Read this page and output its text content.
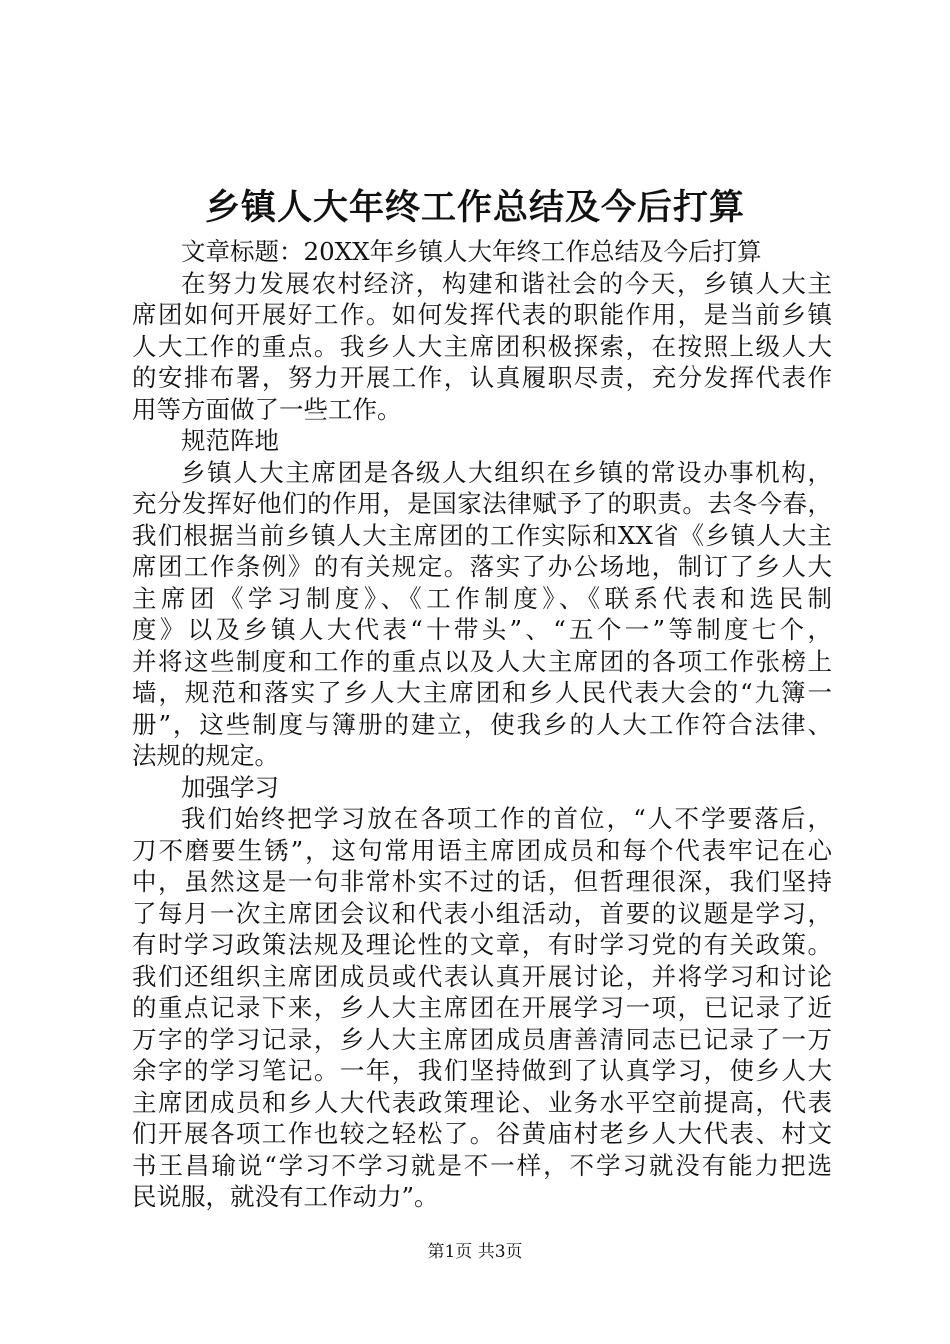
乡镇人大年终工作总结及今后打算
文章标题：20XX年乡镇人大年终工作总结及今后打算
在努力发展农村经济，构建和谐社会的今天，乡镇人大主
席团如何开展好工作。如何发挥代表的职能作用，是当前乡镇
人大工作的重点。我乡人大主席团积极探索，在按照上级人大
的安排布署，努力开展工作，认真履职尽责，充分发挥代表作
用等方面做了一些工作。
规范阵地
乡镇人大主席团是各级人大组织在乡镇的常设办事机构，
充分发挥好他们的作用，是国家法律赋予了的职责。去冬今春，
我们根据当前乡镇人大主席团的工作实际和XX省《乡镇人大主
席团工作条例》的有关规定。落实了办公场地，制订了乡人大
主席团《学习制度》、《工作制度》、《联系代表和选民制
度》以及乡镇人大代表“十带头”、“五个一”等制度七个，
并将这些制度和工作的重点以及人大主席团的各项工作张榜上
墙，规范和落实了乡人大主席团和乡人民代表大会的“九簿一
册”，这些制度与簿册的建立，使我乡的人大工作符合法律、
法规的规定。
加强学习
我们始终把学习放在各项工作的首位，“人不学要落后，
刀不磨要生锈”，这句常用语主席团成员和每个代表牢记在心
中，虽然这是一句非常朴实不过的话，但哲理很深，我们坚持
了每月一次主席团会议和代表小组活动，首要的议题是学习，
有时学习政策法规及理论性的文章，有时学习党的有关政策。
我们还组织主席团成员或代表认真开展讨论，并将学习和讨论
的重点记录下来，乡人大主席团在开展学习一项，已记录了近
万字的学习记录，乡人大主席团成员唐善清同志已记录了一万
余字的学习笔记。一年，我们坚持做到了认真学习，使乡人大
主席团成员和乡人大代表政策理论、业务水平空前提高，代表
们开展各项工作也较之轻松了。谷黄庙村老乡人大代表、村文
书王昌瑜说“学习不学习就是不一样，不学习就没有能力把选
民说服，就没有工作动力”。
第1页 共3页
